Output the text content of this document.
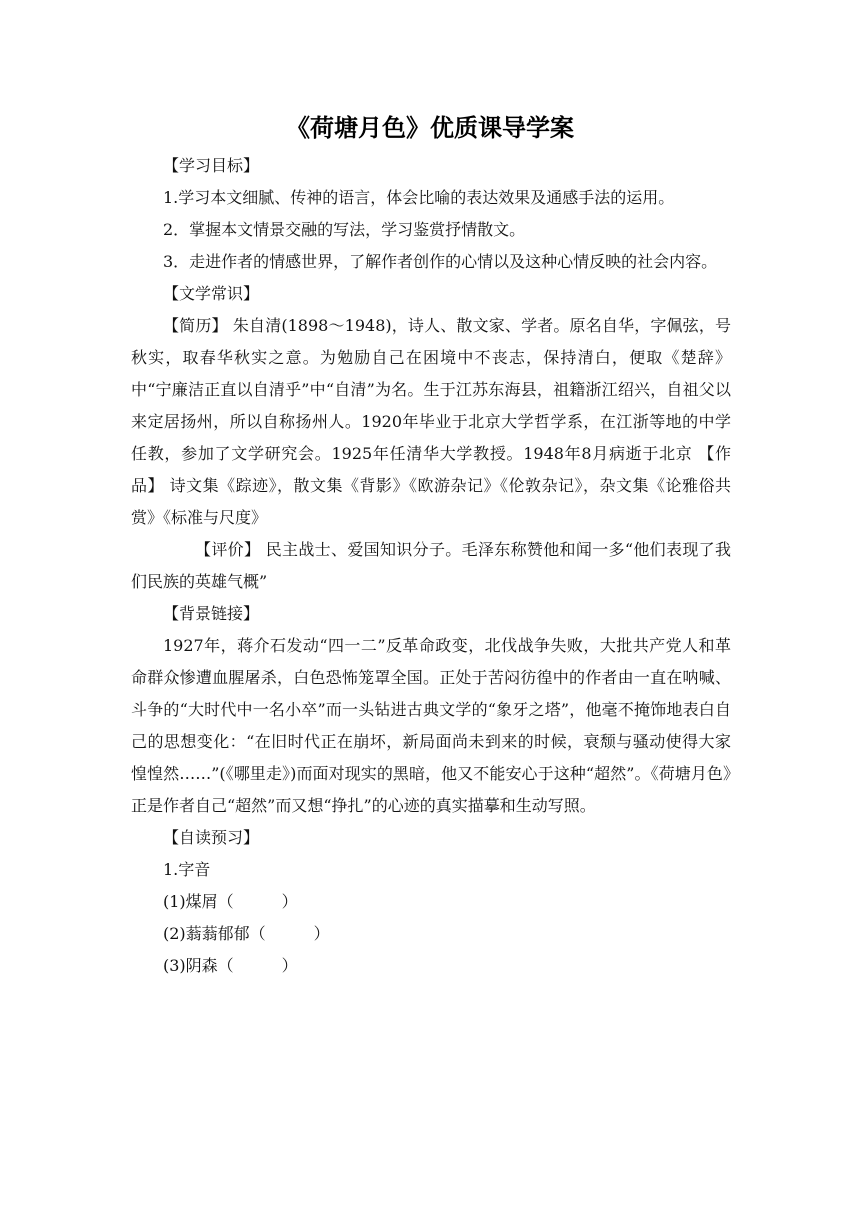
《荷塘月色》优质课导学案

【学习目标】

1.学习本文细腻、传神的语言，体会比喻的表达效果及通感手法的运用。

2．掌握本文情景交融的写法，学习鉴赏抒情散文。

3．走进作者的情感世界，了解作者创作的心情以及这种心情反映的社会内容。

【文学常识】

【简历】 朱自清(1898～1948)，诗人、散文家、学者。原名自华，字佩弦，号秋实，取春华秋实之意。为勉励自己在困境中不丧志，保持清白，便取《楚辞》中“宁廉洁正直以自清乎”中“自清”为名。生于江苏东海县，祖籍浙江绍兴，自祖父以来定居扬州，所以自称扬州人。1920年毕业于北京大学哲学系，在江浙等地的中学任教，参加了文学研究会。1925年任清华大学教授。1948年8月病逝于北京 【作品】 诗文集《踪迹》，散文集《背影》《欧游杂记》《伦敦杂记》，杂文集《论雅俗共赏》《标准与尺度》

【评价】 民主战士、爱国知识分子。毛泽东称赞他和闻一多“他们表现了我们民族的英雄气概”

【背景链接】

1927年，蒋介石发动“四一二”反革命政变，北伐战争失败，大批共产党人和革命群众惨遭血腥屠杀，白色恐怖笼罩全国。正处于苦闷彷徨中的作者由一直在呐喊、斗争的“大时代中一名小卒”而一头钻进古典文学的“象牙之塔”，他毫不掩饰地表白自己的思想变化：“在旧时代正在崩坏，新局面尚未到来的时候，衰颓与骚动使得大家惶惶然……”(《哪里走》)而面对现实的黑暗，他又不能安心于这种“超然”。《荷塘月色》正是作者自己“超然”而又想“挣扎”的心迹的真实描摹和生动写照。

【自读预习】

1.字音

(1)煤屑（　　　）

(2)蓊蓊郁郁（　　　）

(3)阴森（　　　）
